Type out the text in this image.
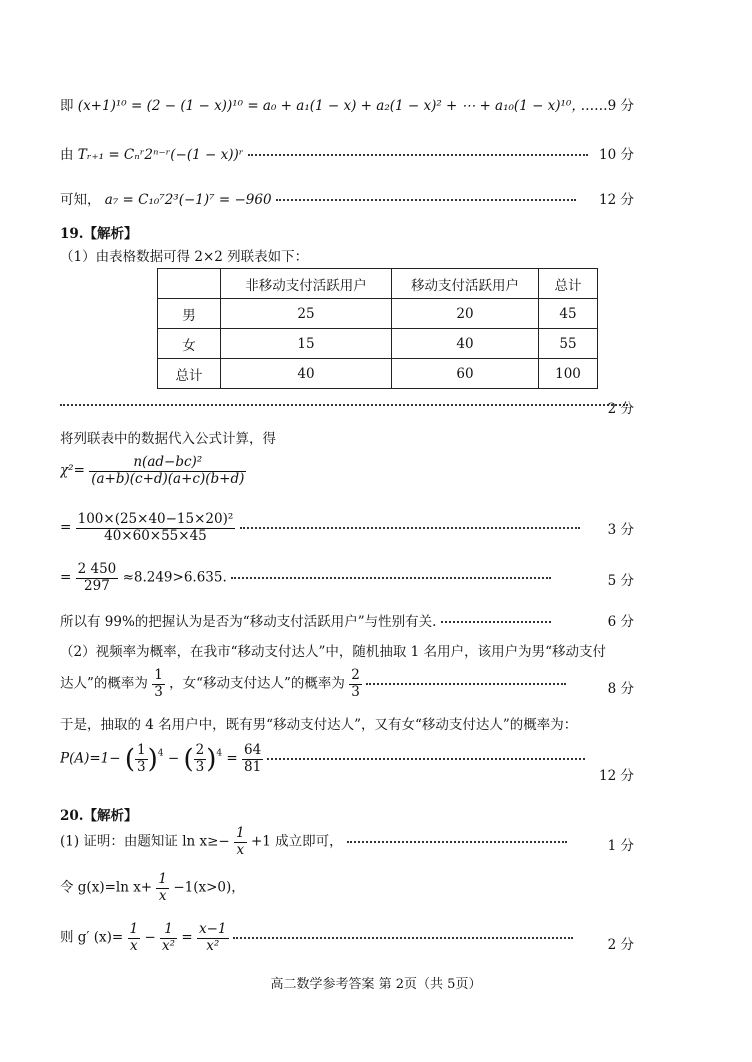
即 (x+1)¹⁰ = (2 − (1 − x))¹⁰ = a₀ + a₁(1 − x) + a₂(1 − x)² + ⋯ + a₁₀(1 − x)¹⁰，
……9 分
由 Tᵣ₊₁ = Cₙʳ2ⁿ⁻ʳ(−(1 − x))ʳ	10 分
可知， a₇ = C₁₀⁷2³(−1)⁷ = −960	12 分
19.【解析】
（1）由表格数据可得 2×2 列联表如下：
	非移动支付活跃用户	移动支付活跃用户	总计
男	25	20	45
女	15	40	55
总计	40	60	100
2 分
将列联表中的数据代入公式计算，得
$\chi^2= \frac{\text{n(ad−bc)²}}{(a+b)(c+d)(a+c)(b+d)}$
= $\frac{\text{100×(25×40−15×20)²}}{40\times 60\times 55\times 45}$
	3 分
= $\frac{2 450}{297} \approx 8.249>6.635$.	5 分
所以有 99%的把握认为是否为“移动支付活跃用户”与性别有关.	6 分
（2）视频率为概率，在我市“移动支付达人”中，随机抽取 1 名用户，该用户为男“移动支付
达人”的概率为 $\frac{1}{3}$ ，女“移动支付达人”的概率为 $\frac{2}{3}$
	8 分
于是，抽取的 4 名用户中，既有男“移动支付达人”，又有女“移动支付达人”的概率为：
P(A)=1− ( $\frac{1}{3} )^4$ − ( $\frac{2}{3} )^4 = \frac{64}{81}$

12 分
20.【解析】
(1) 证明：由题知证 $\ln x\ge- \frac{1}{x} +1$ 成立即可，	1 分
令 g(x)=ln $x+ \frac{1}{x} -1(x>0)$，
则 g′ $(x)= \frac{1}{x} - \frac{1}{\text{x²}} = \frac{x-1}{\text{x²}}$
	2 分
高二数学参考答案 第 2页（共 5页）
